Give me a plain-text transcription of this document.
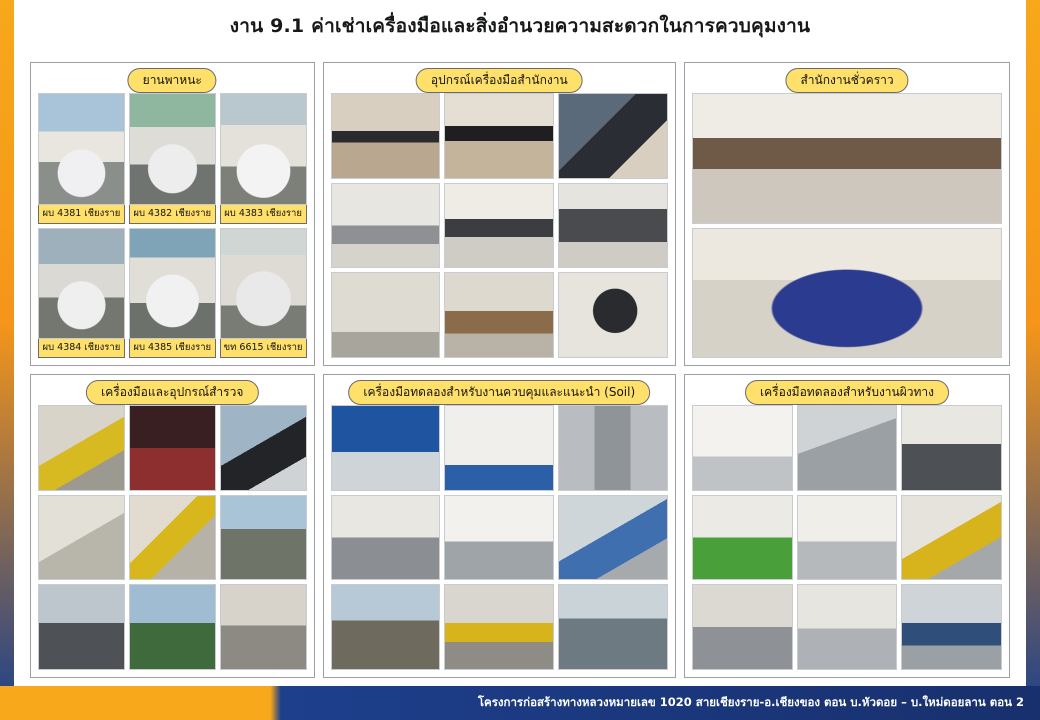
งาน 9.1 ค่าเช่าเครื่องมือและสิ่งอำนวยความสะดวกในการควบคุมงาน
ยานพาหนะ
ผบ 4381 เชียงราย	ผบ 4382 เชียงราย	ผบ 4383 เชียงราย
ผบ 4384 เชียงราย	ผบ 4385 เชียงราย	ขท 6615 เชียงราย
อุปกรณ์เครื่องมือสำนักงาน	สำนักงานชั่วคราว
เครื่องมือและอุปกรณ์สำรวจ	เครื่องมือทดลองสำหรับงานควบคุมและแนะนำ (Soil)	เครื่องมือทดลองสำหรับงานผิวทาง
โครงการก่อสร้างทางหลวงหมายเลข 1020 สายเชียงราย-อ.เชียงของ ตอน บ.หัวดอย – บ.ใหม่ดอยลาน ตอน 2
